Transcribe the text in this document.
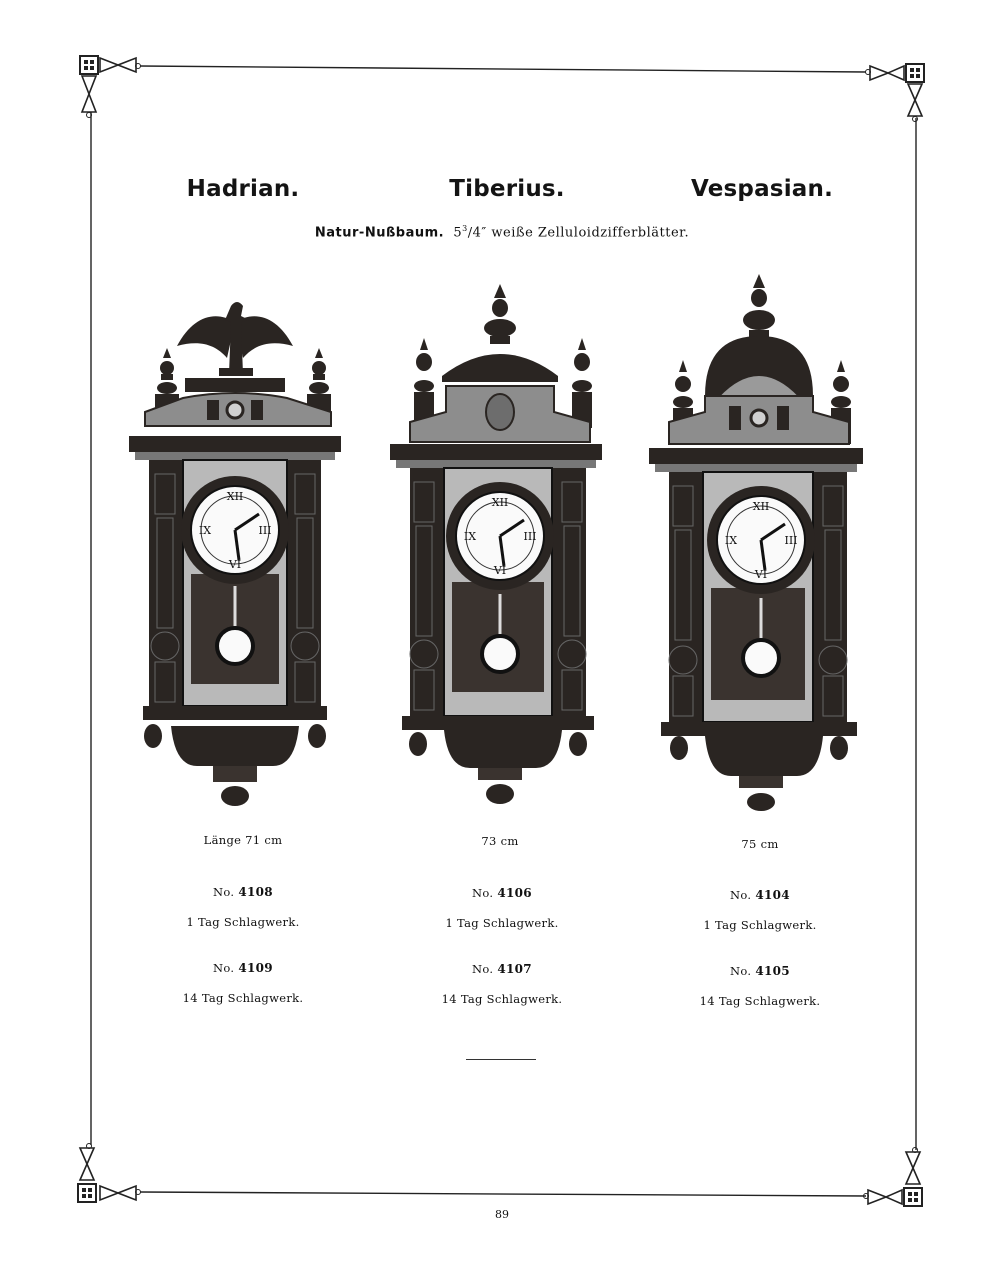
Hadrian.	Tiberius.	Vespasian.
Natur-Nußbaum. $5^3/4''$ weiße Zelluloidzifferblätter.
XII
VI
III
IX
XII
VI
III
IX
XII
VI
III
IX
Länge 71 cm	73 cm	75 cm
No. 4108
1 Tag Schlagwerk.
No. 4109
14 Tag Schlagwerk.
No. 4106
1 Tag Schlagwerk.
No. 4107
14 Tag Schlagwerk.
No. 4104
1 Tag Schlagwerk.
No. 4105
14 Tag Schlagwerk.
89
